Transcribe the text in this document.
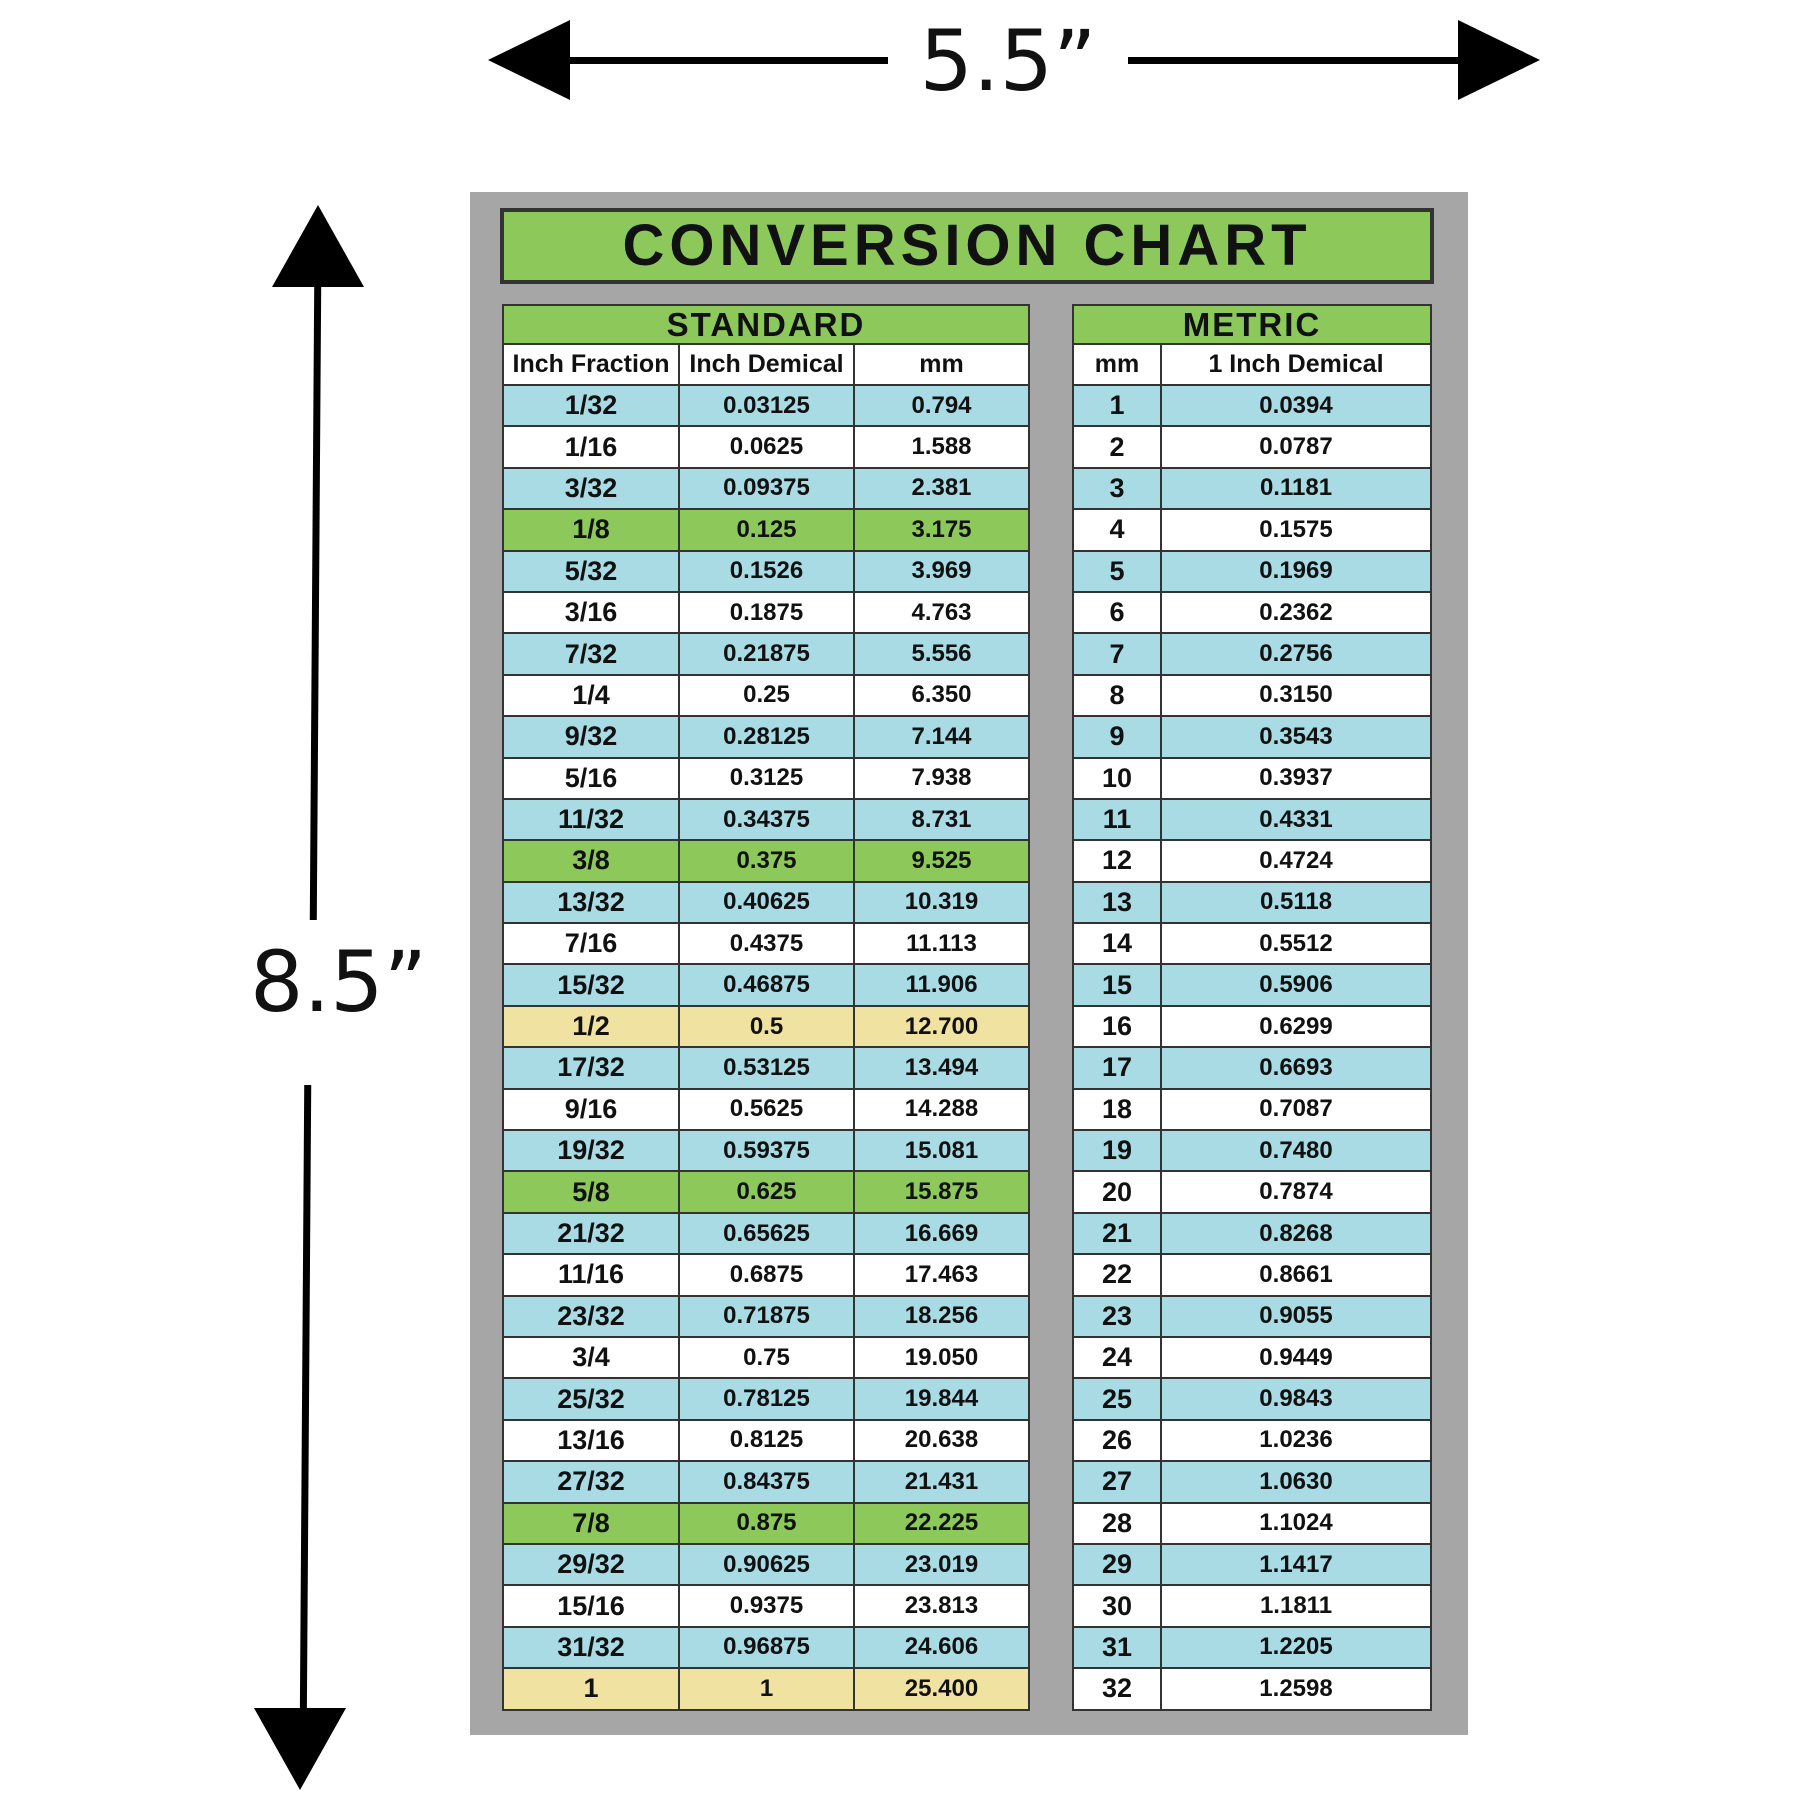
5.5”
8.5”
CONVERSION CHART
STANDARD		
Inch Fraction	Inch Demical	mm
1/32	0.03125	0.794
1/16	0.0625	1.588
3/32	0.09375	2.381
1/8	0.125	3.175
5/32	0.1526	3.969
3/16	0.1875	4.763
7/32	0.21875	5.556
1/4	0.25	6.350
9/32	0.28125	7.144
5/16	0.3125	7.938
11/32	0.34375	8.731
3/8	0.375	9.525
13/32	0.40625	10.319
7/16	0.4375	11.113
15/32	0.46875	11.906
1/2	0.5	12.700
17/32	0.53125	13.494
9/16	0.5625	14.288
19/32	0.59375	15.081
5/8	0.625	15.875
21/32	0.65625	16.669
11/16	0.6875	17.463
23/32	0.71875	18.256
3/4	0.75	19.050
25/32	0.78125	19.844
13/16	0.8125	20.638
27/32	0.84375	21.431
7/8	0.875	22.225
29/32	0.90625	23.019
15/16	0.9375	23.813
31/32	0.96875	24.606
1	1	25.400
METRIC	
mm	1 Inch Demical
1	0.0394
2	0.0787
3	0.1181
4	0.1575
5	0.1969
6	0.2362
7	0.2756
8	0.3150
9	0.3543
10	0.3937
11	0.4331
12	0.4724
13	0.5118
14	0.5512
15	0.5906
16	0.6299
17	0.6693
18	0.7087
19	0.7480
20	0.7874
21	0.8268
22	0.8661
23	0.9055
24	0.9449
25	0.9843
26	1.0236
27	1.0630
28	1.1024
29	1.1417
30	1.1811
31	1.2205
32	1.2598
